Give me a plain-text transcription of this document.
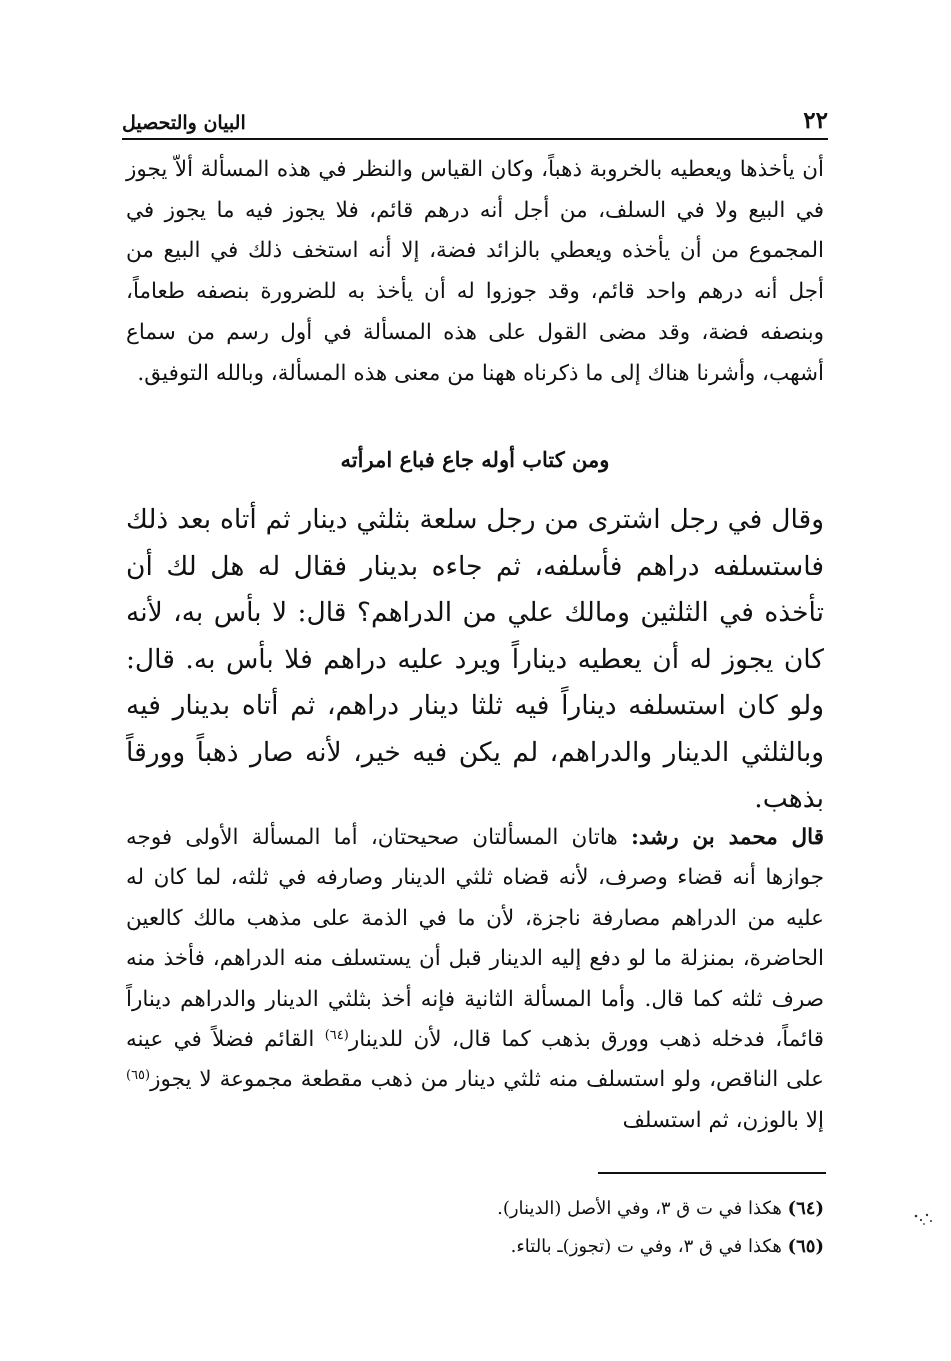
٢٢
البيان والتحصيل

أن يأخذها ويعطيه بالخروبة ذهباً، وكان القياس والنظر في هذه المسألة ألاّ يجوز في البيع ولا في السلف، من أجل أنه درهم قائم، فلا يجوز فيه ما يجوز في المجموع من أن يأخذه ويعطي بالزائد فضة، إلا أنه استخف ذلك في البيع من أجل أنه درهم واحد قائم، وقد جوزوا له أن يأخذ به للضرورة بنصفه طعاماً، وبنصفه فضة، وقد مضى القول على هذه المسألة في أول رسم من سماع أشهب، وأشرنا هناك إلى ما ذكرناه ههنا من معنى هذه المسألة، وبالله التوفيق.

ومن كتاب أوله جاع فباع امرأته

وقال في رجل اشترى من رجل سلعة بثلثي دينار ثم أتاه بعد ذلك فاستسلفه دراهم فأسلفه، ثم جاءه بدينار فقال له هل لك أن تأخذه في الثلثين ومالك علي من الدراهم؟ قال: لا بأس به، لأنه كان يجوز له أن يعطيه ديناراً ويرد عليه دراهم فلا بأس به. قال: ولو كان استسلفه ديناراً فيه ثلثا دينار دراهم، ثم أتاه بدينار فيه وبالثلثي الدينار والدراهم، لم يكن فيه خير، لأنه صار ذهباً وورقاً بذهب.

قال محمد بن رشد: هاتان المسألتان صحيحتان، أما المسألة الأولى فوجه جوازها أنه قضاء وصرف، لأنه قضاه ثلثي الدينار وصارفه في ثلثه، لما كان له عليه من الدراهم مصارفة ناجزة، لأن ما في الذمة على مذهب مالك كالعين الحاضرة، بمنزلة ما لو دفع إليه الدينار قبل أن يستسلف منه الدراهم، فأخذ منه صرف ثلثه كما قال. وأما المسألة الثانية فإنه أخذ بثلثي الدينار والدراهم ديناراً قائماً، فدخله ذهب وورق بذهب كما قال، لأن للدينار$^{(٦٤)}$ القائم فضلاً في عينه على الناقص، ولو استسلف منه ثلثي دينار من ذهب مقطعة مجموعة لا يجوز$^{(٦٥)}$ إلا بالوزن، ثم استسلف

(٦٤) هكذا في ت ق ٣، وفي الأصل (الدينار).
(٦٥) هكذا في ق ٣، وفي ت (تجوز)ـ بالتاء.
